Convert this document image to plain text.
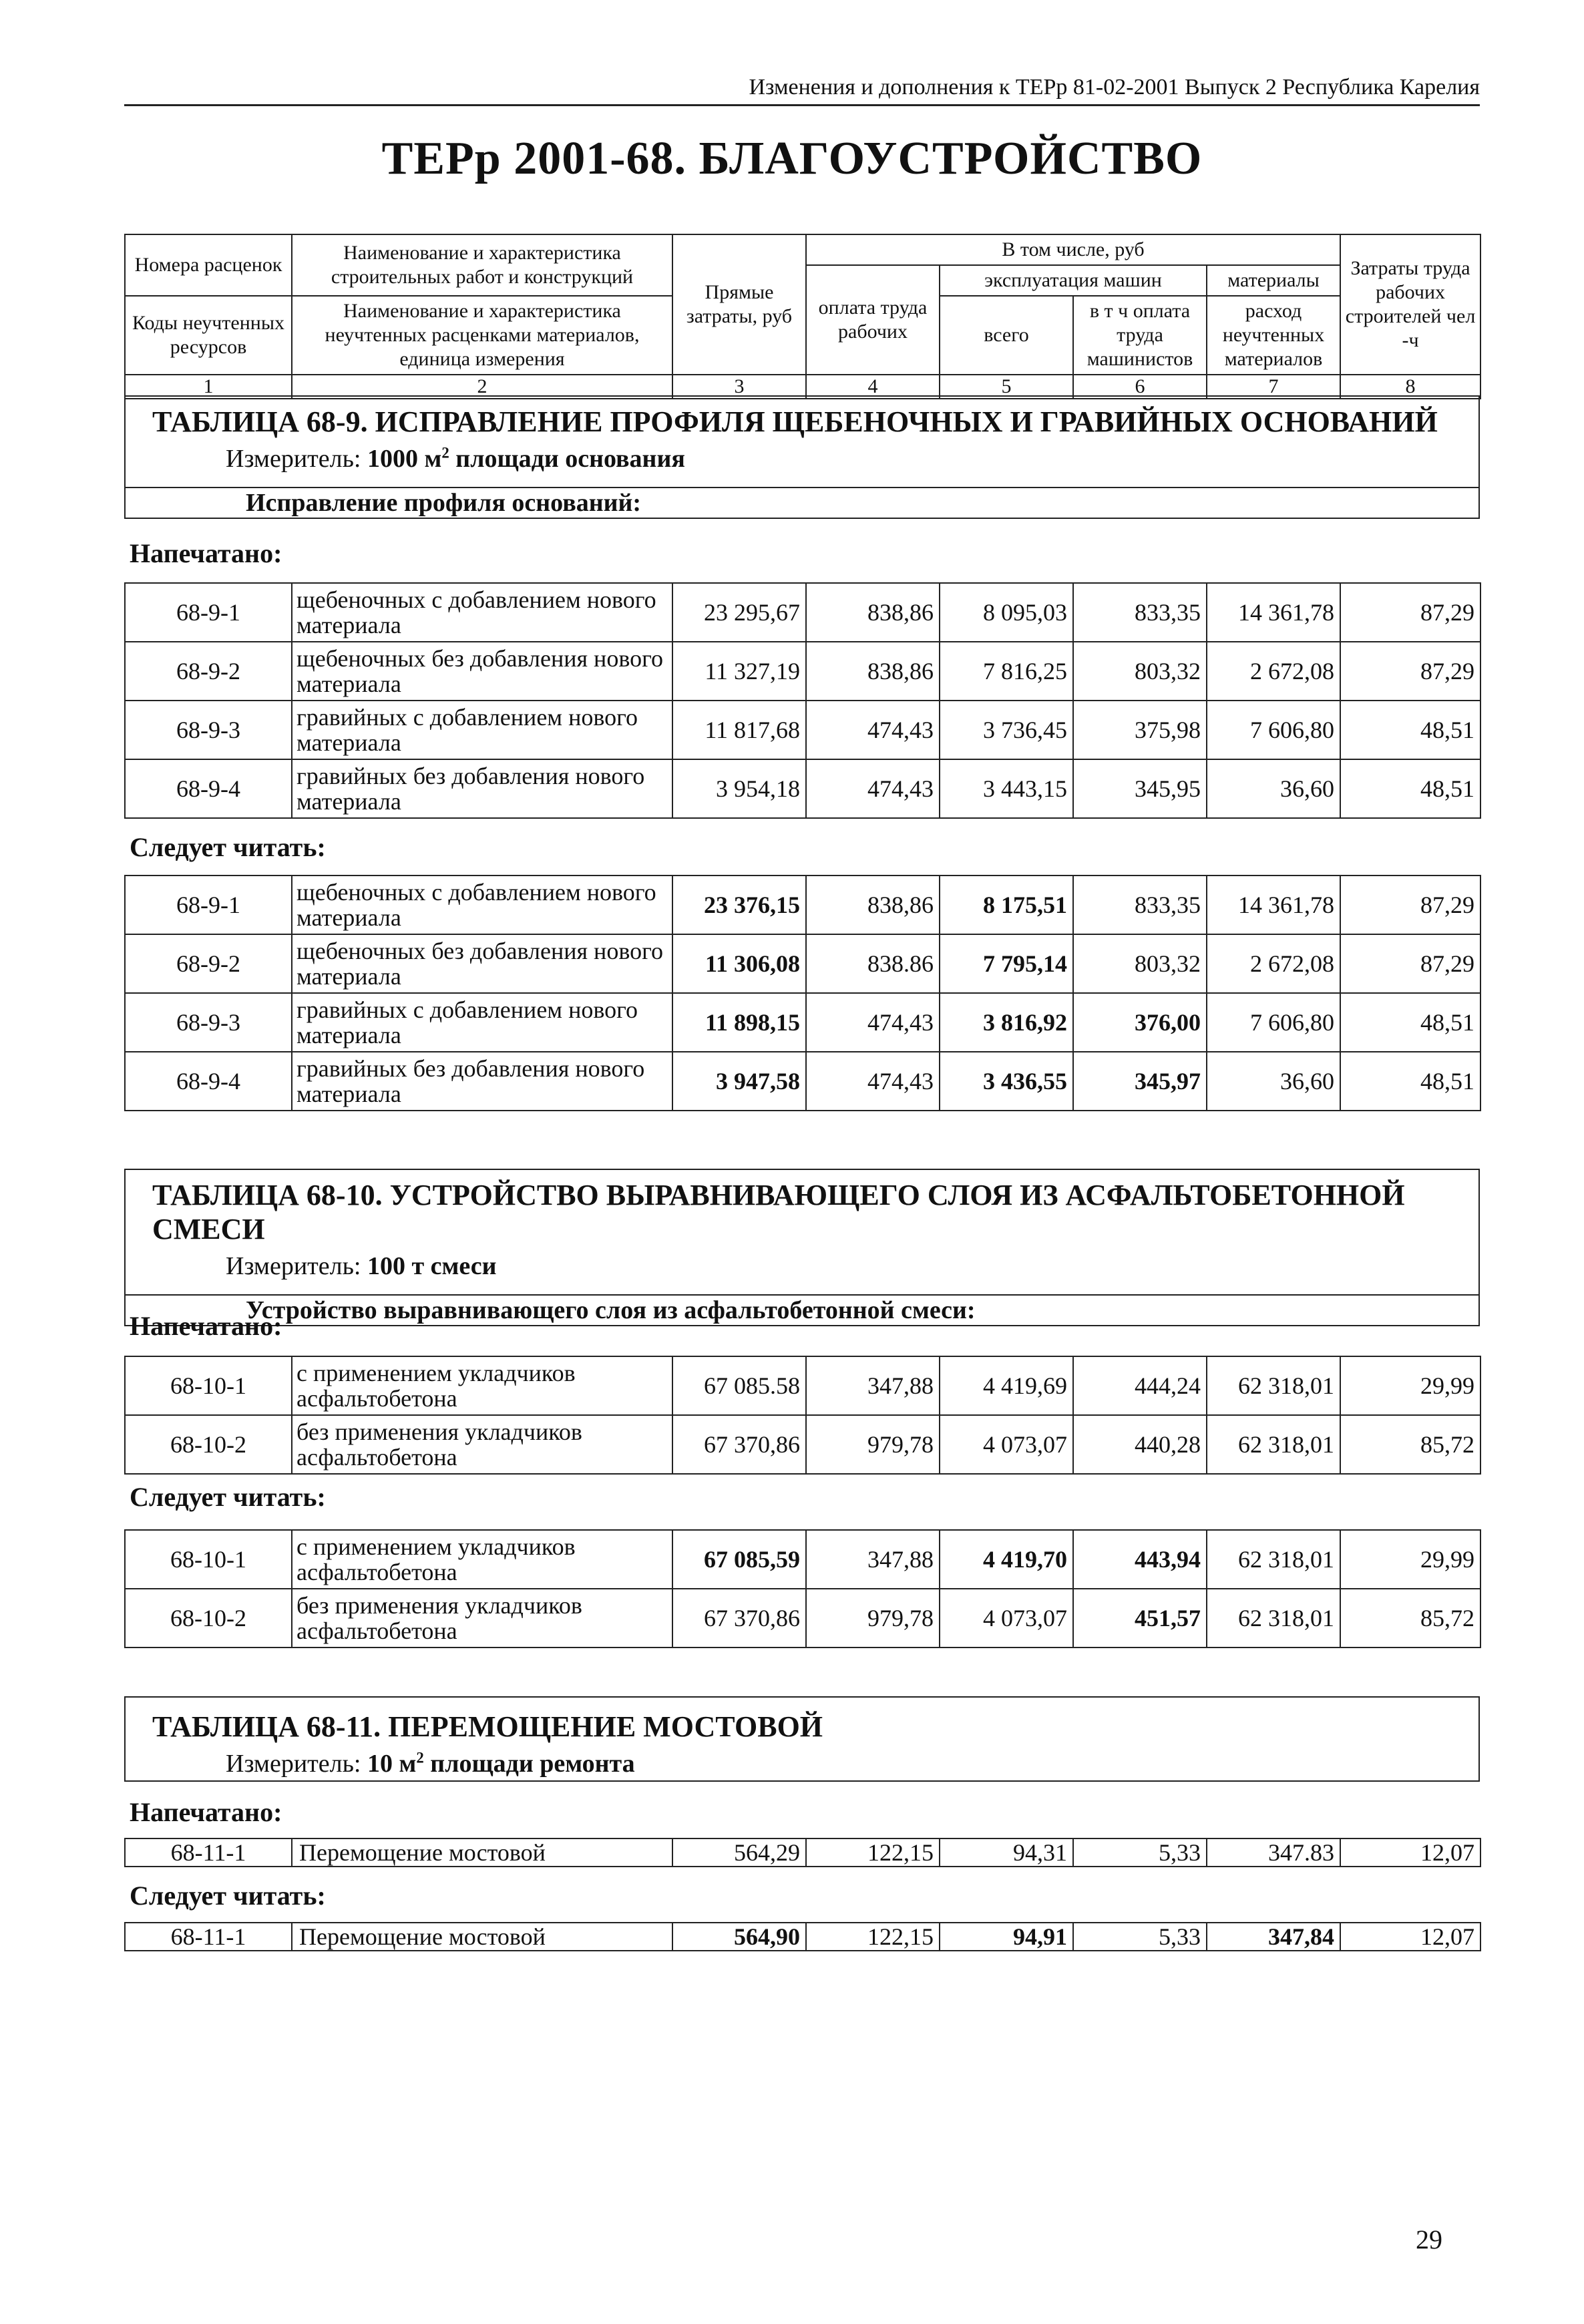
Изменения и дополнения к ТЕРр 81-02-2001 Выпуск 2 Республика Карелия
ТЕРр 2001-68. БЛАГОУСТРОЙСТВО
Номера расценок	Наименование и характеристика строительных работ и конструкций	Прямые затраты, руб	В том числе, руб				Затраты труда рабочих строителей чел -ч
			оплата труда рабочих	эксплуатация машин		материалы	
Коды неучтенных ресурсов	Наименование и характеристика неучтенных расценками материалов, единица измерения			всего	в т ч оплата труда машинистов	расход неучтенных материалов	

1	2	3	4	5	6	7	8
ТАБЛИЦА 68-9. ИСПРАВЛЕНИЕ ПРОФИЛЯ ЩЕБЕНОЧНЫХ И ГРАВИЙНЫХ ОСНОВАНИЙ
Измеритель: 1000 $м^2$ площади основания
Исправление профиля оснований:
Напечатано:
68-9-1	щебеночных с добавлением нового материала	23 295,67	838,86	8 095,03	833,35	14 361,78	87,29
68-9-2	щебеночных без добавления нового материала	11 327,19	838,86	7 816,25	803,32	2 672,08	87,29
68-9-3	гравийных с добавлением нового материала	11 817,68	474,43	3 736,45	375,98	7 606,80	48,51
68-9-4	гравийных без добавления нового материала	3 954,18	474,43	3 443,15	345,95	36,60	48,51
Следует читать:
68-9-1	щебеночных с добавлением нового материала	23 376,15	838,86	8 175,51	833,35	14 361,78	87,29
68-9-2	щебеночных без добавления нового материала	11 306,08	838.86	7 795,14	803,32	2 672,08	87,29
68-9-3	гравийных с добавлением нового материала	11 898,15	474,43	3 816,92	376,00	7 606,80	48,51
68-9-4	гравийных без добавления нового материала	3 947,58	474,43	3 436,55	345,97	36,60	48,51
ТАБЛИЦА 68-10. УСТРОЙСТВО ВЫРАВНИВАЮЩЕГО СЛОЯ ИЗ АСФАЛЬТОБЕТОННОЙ СМЕСИ
Измеритель: 100 т смеси
Устройство выравнивающего слоя из асфальтобетонной смеси:
Напечатано:
68-10-1	с применением укладчиков асфальтобетона	67 085.58	347,88	4 419,69	444,24	62 318,01	29,99
68-10-2	без применения укладчиков асфальтобетона	67 370,86	979,78	4 073,07	440,28	62 318,01	85,72
Следует читать:
68-10-1	с применением укладчиков асфальтобетона	67 085,59	347,88	4 419,70	443,94	62 318,01	29,99
68-10-2	без применения укладчиков асфальтобетона	67 370,86	979,78	4 073,07	451,57	62 318,01	85,72
ТАБЛИЦА 68-11. ПЕРЕМОЩЕНИЕ МОСТОВОЙ
Измеритель: 10 $м^2$ площади ремонта
Напечатано:
68-11-1	Перемощение мостовой	564,29	122,15	94,31	5,33	347.83	12,07
Следует читать:
68-11-1	Перемощение мостовой	564,90	122,15	94,91	5,33	347,84	12,07
29
